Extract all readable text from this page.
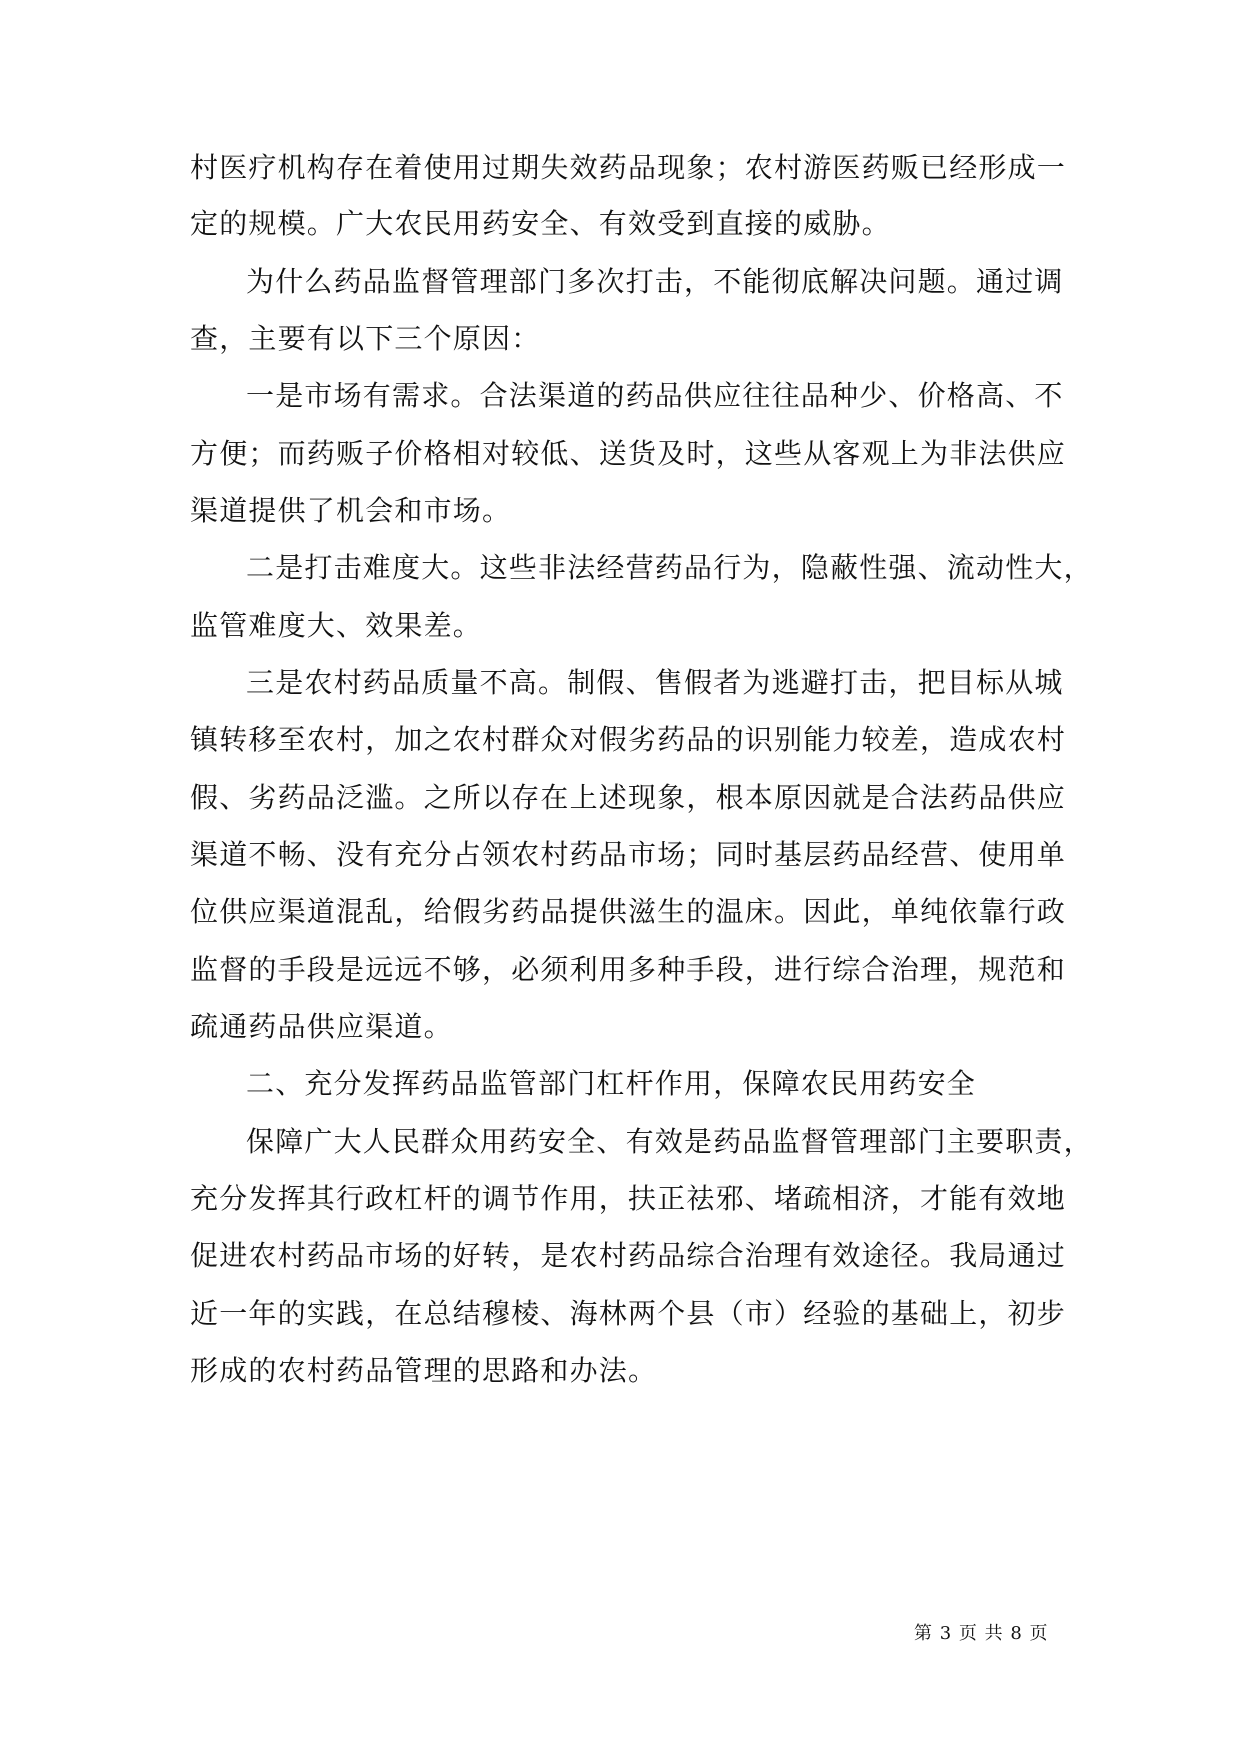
村医疗机构存在着使用过期失效药品现象；农村游医药贩已经形成一
定的规模。广大农民用药安全、有效受到直接的威胁。
为什么药品监督管理部门多次打击，不能彻底解决问题。通过调
查，主要有以下三个原因：
一是市场有需求。合法渠道的药品供应往往品种少、价格高、不
方便；而药贩子价格相对较低、送货及时，这些从客观上为非法供应
渠道提供了机会和市场。
二是打击难度大。这些非法经营药品行为，隐蔽性强、流动性大，
监管难度大、效果差。
三是农村药品质量不高。制假、售假者为逃避打击，把目标从城
镇转移至农村，加之农村群众对假劣药品的识别能力较差，造成农村
假、劣药品泛滥。之所以存在上述现象，根本原因就是合法药品供应
渠道不畅、没有充分占领农村药品市场；同时基层药品经营、使用单
位供应渠道混乱，给假劣药品提供滋生的温床。因此，单纯依靠行政
监督的手段是远远不够，必须利用多种手段，进行综合治理，规范和
疏通药品供应渠道。
二、充分发挥药品监管部门杠杆作用，保障农民用药安全
保障广大人民群众用药安全、有效是药品监督管理部门主要职责，
充分发挥其行政杠杆的调节作用，扶正祛邪、堵疏相济，才能有效地
促进农村药品市场的好转，是农村药品综合治理有效途径。我局通过
近一年的实践，在总结穆棱、海林两个县（市）经验的基础上，初步
形成的农村药品管理的思路和办法。
第 3 页 共 8 页
